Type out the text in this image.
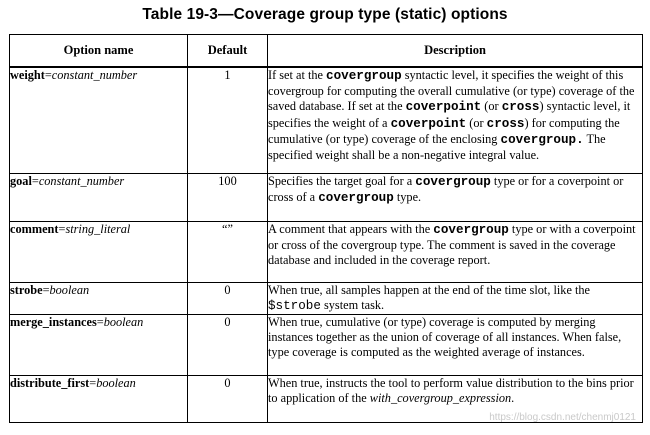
Table 19-3—Coverage group type (static) options
Option name	Default	Description
weight=constant_number	1	If set at the covergroup syntactic level, it specifies the weight of this covergroup for computing the overall cumulative (or type) coverage of the saved database. If set at the coverpoint (or cross) syntactic level, it specifies the weight of a coverpoint (or cross) for computing the cumulative (or type) coverage of the enclosing covergroup. The specified weight shall be a non-negative integral value.
goal=constant_number	100	Specifies the target goal for a covergroup type or for a coverpoint or cross of a covergroup type.
comment=string_literal	“”	A comment that appears with the covergroup type or with a coverpoint or cross of the covergroup type. The comment is saved in the coverage database and included in the coverage report.
strobe=boolean	0	When true, all samples happen at the end of the time slot, like the $strobe system task.
merge_instances=boolean	0	When true, cumulative (or type) coverage is computed by merging instances together as the union of coverage of all instances. When false, type coverage is computed as the weighted average of instances.
distribute_first=boolean	0	When true, instructs the tool to perform value distribution to the bins prior to application of the with_covergroup_expression.
https://blog.csdn.net/chenmj0121
